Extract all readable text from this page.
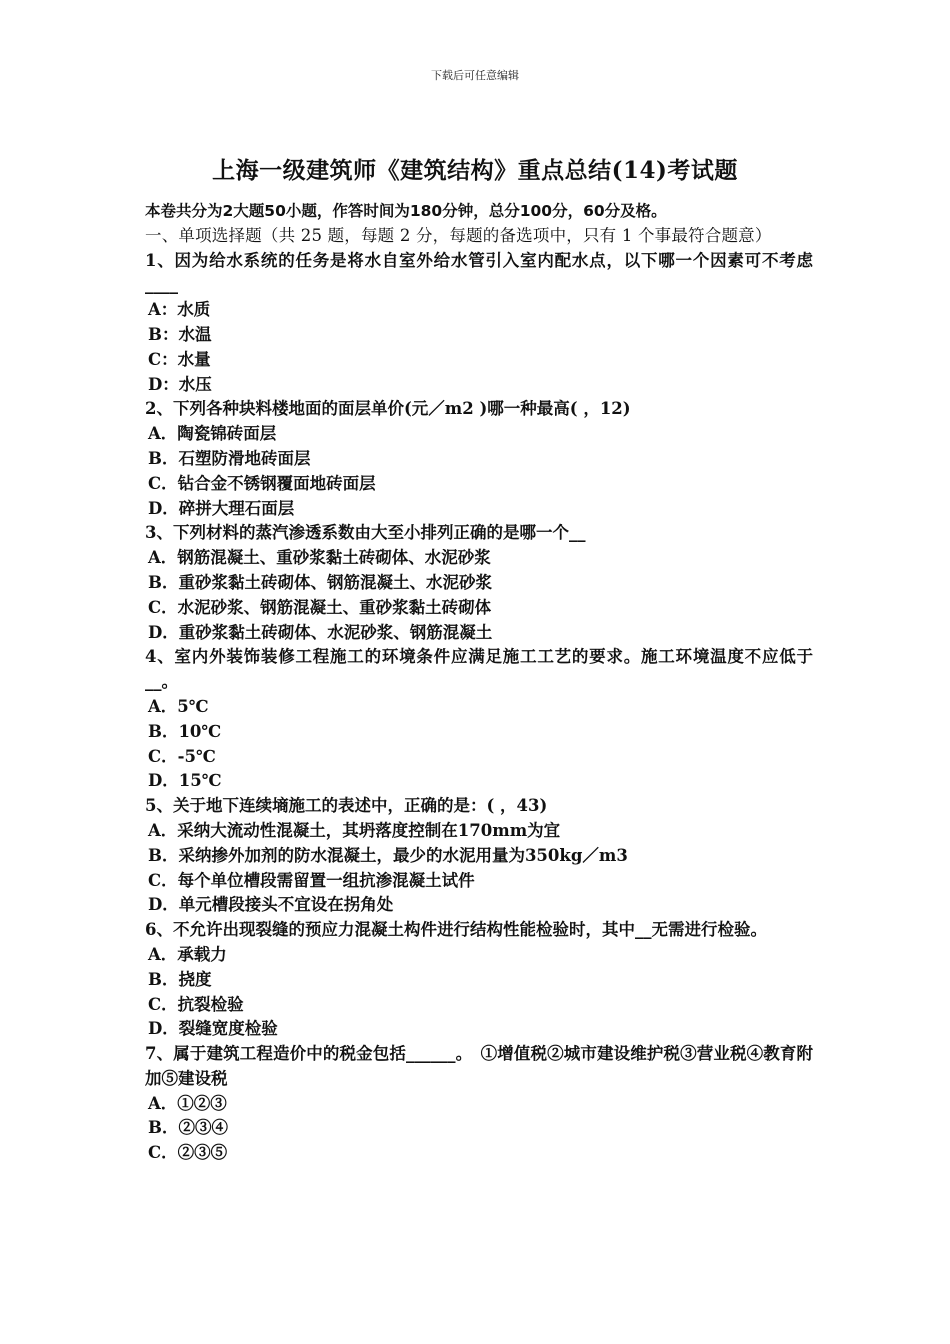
下载后可任意编辑
上海一级建筑师《建筑结构》重点总结(14)考试题
本卷共分为2大题50小题，作答时间为180分钟，总分100分，60分及格。
一、单项选择题（共 25 题，每题 2 分，每题的备选项中，只有 1 个事最符合题意）
1、因为给水系统的任务是将水自室外给水管引入室内配水点，以下哪一个因素可不考虑____
A：水质
B：水温
C：水量
D：水压
2、下列各种块料楼地面的面层单价(元／m2 )哪一种最高( ，12)
A．陶瓷锦砖面层
B．石塑防滑地砖面层
C．钻合金不锈钢覆面地砖面层
D．碎拼大理石面层
3、下列材料的蒸汽渗透系数由大至小排列正确的是哪一个__
A．钢筋混凝土、重砂浆黏土砖砌体、水泥砂浆
B．重砂浆黏土砖砌体、钢筋混凝土、水泥砂浆
C．水泥砂浆、钢筋混凝土、重砂浆黏土砖砌体
D．重砂浆黏土砖砌体、水泥砂浆、钢筋混凝土
4、室内外装饰装修工程施工的环境条件应满足施工工艺的要求。施工环境温度不应低于__。
A．5℃
B．10℃
C．-5℃
D．15℃
5、关于地下连续墒施工的表述中，正确的是：( ，43)
A．采纳大流动性混凝土，其坍落度控制在170mm为宜
B．采纳掺外加剂的防水混凝土，最少的水泥用量为350kg／m3
C．每个单位槽段需留置一组抗渗混凝土试件
D．单元槽段接头不宜设在拐角处
6、不允许出现裂缝的预应力混凝土构件进行结构性能检验时，其中__无需进行检验。
A．承载力
B．挠度
C．抗裂检验
D．裂缝宽度检验
7、属于建筑工程造价中的税金包括______。　①增值税②城市建设维护税③营业税④教育附加⑤建设税
A．①②③
B．②③④
C．②③⑤
